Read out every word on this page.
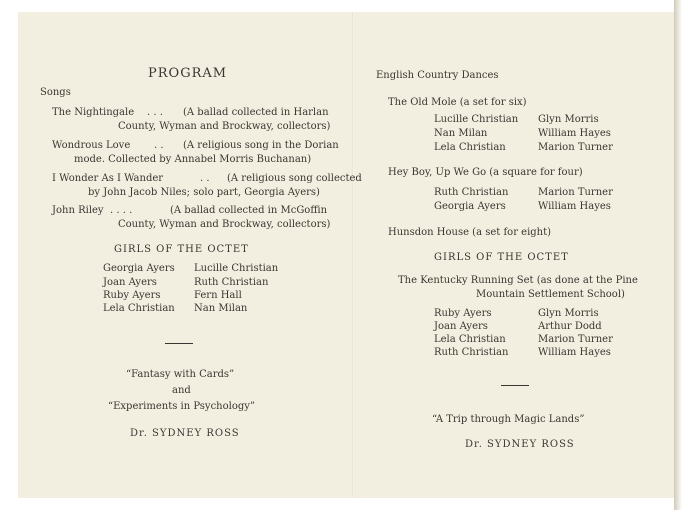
PROGRAM
Songs
The Nightingale . . . (A ballad collected in Harlan
County, Wyman and Brockway, collectors)
Wondrous Love . . (A religious song in the Dorian
mode. Collected by Annabel Morris Buchanan)
I Wonder As I Wander	. . (A religious song collected
by John Jacob Niles; solo part, Georgia Ayers)
John Riley . . . .	(A ballad collected in McGoffin
County, Wyman and Brockway, collectors)
GIRLS OF THE OCTET
Georgia Ayers
Joan Ayers
Ruby Ayers
Lela Christian
Lucille Christian
Ruth Christian
Fern Hall
Nan Milan
“Fantasy with Cards”
and
“Experiments in Psychology”
Dr. SYDNEY ROSS
English Country Dances
The Old Mole (a set for six)
Lucille Christian
Nan Milan
Lela Christian
Glyn Morris
William Hayes
Marion Turner
Hey Boy, Up We Go (a square for four)
Ruth Christian
Georgia Ayers
Marion Turner
William Hayes
Hunsdon House (a set for eight)
GIRLS OF THE OCTET
The Kentucky Running Set (as done at the Pine
Mountain Settlement School)
Ruby Ayers
Joan Ayers
Lela Christian
Ruth Christian
Glyn Morris
Arthur Dodd
Marion Turner
William Hayes
“A Trip through Magic Lands”
Dr. SYDNEY ROSS
